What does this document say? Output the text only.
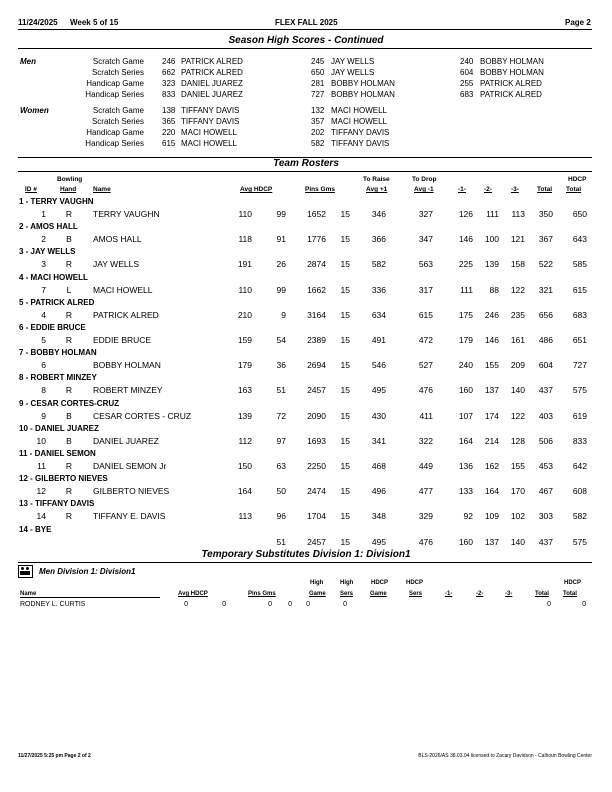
11/24/2025 Week 5 of 15	FLEX FALL 2025	Page 2
Season High Scores - Continued
Men	Scratch Game 246 PATRICK ALRED	245 JAY WELLS	240 BOBBY HOLMAN
Scratch Series 662 PATRICK ALRED	650 JAY WELLS	604 BOBBY HOLMAN
Handicap Game 323 DANIEL JUAREZ	281 BOBBY HOLMAN	255 PATRICK ALRED
Handicap Series 833 DANIEL JUAREZ	727 BOBBY HOLMAN	683 PATRICK ALRED
Women	Scratch Game 138 TIFFANY DAVIS	132 MACI HOWELL
Scratch Series 365 TIFFANY DAVIS	357 MACI HOWELL
Handicap Game 220 MACI HOWELL	202 TIFFANY DAVIS
Handicap Series 615 MACI HOWELL	582 TIFFANY DAVIS
Team Rosters
Bowling
Hand
ID #	Name	Avg HDCP	Pins Gms
To Raise
Avg +1
To Drop
Avg -1	-1-	-2-	-3-	Total
HDCP
Total
1 - TERRY VAUGHN
1	R	TERRY VAUGHN	110	99	1652	15	346	327	126	111	113	350	650
2 - AMOS HALL
2	B	AMOS HALL	118	91	1776	15	366	347	146	100	121	367	643
3 - JAY WELLS
3	R	JAY WELLS	191	26	2874	15	582	563	225	139	158	522	585
4 - MACI HOWELL
7	L	MACI HOWELL	110	99	1662	15	336	317	111	88	122	321	615
5 - PATRICK ALRED
4	R	PATRICK ALRED	210	9	3164	15	634	615	175	246	235	656	683
6 - EDDIE BRUCE
5	R	EDDIE BRUCE	159	54	2389	15	491	472	179	146	161	486	651
7 - BOBBY HOLMAN
6	BOBBY HOLMAN	179	36	2694	15	546	527	240	155	209	604	727
8 - ROBERT MINZEY
8	R	ROBERT MINZEY	163	51	2457	15	495	476	160	137	140	437	575
9 - CESAR CORTES-CRUZ
9	B	CESAR CORTES - CRUZ	139	72	2090	15	430	411	107	174	122	403	619
10 - DANIEL JUAREZ
10	B	DANIEL JUAREZ	112	97	1693	15	341	322	164	214	128	506	833
11 - DANIEL SEMON
11	R	DANIEL SEMON Jr	150	63	2250	15	468	449	136	162	155	453	642
12 - GILBERTO NIEVES
12	R	GILBERTO NIEVES	164	50	2474	15	496	477	133	164	170	467	608
13 - TIFFANY DAVIS
14	R	TIFFANY E. DAVIS	113	96	1704	15	348	329	92	109	102	303	582
14 - BYE
51	2457	15	495	476	160	137	140	437	575
Temporary Substitutes Division 1: Division1
Men Division 1: Division1
High	High	HDCP	HDCP	HDCP
Name	Avg HDCP	Pins Gms	Game Sers	Game	Sers	-1-	-2-	-3-	Total Total
RODNEY L. CURTIS	0	0	0	0	0	0	0	0
11/27/2025 5:25 pm Page 2 of 2	BLS-2026/AS 38.03.04 licensed to Zacary Davidson - Calhoun Bowling Center
